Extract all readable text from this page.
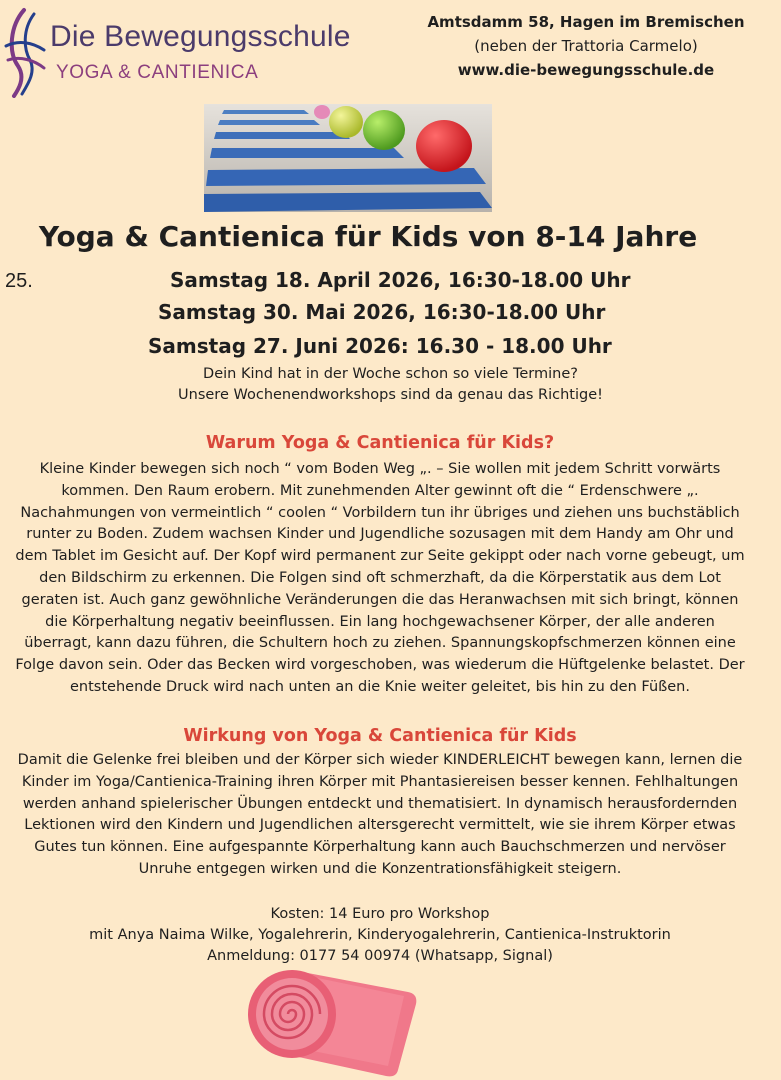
Die Bewegungsschule
YOGA & CANTIENICA
Amtsdamm 58, Hagen im Bremischen
(neben der Trattoria Carmelo)
www.die-bewegungsschule.de
Yoga & Cantienica für Kids von 8-14 Jahre
25.	Samstag 18. April 2026, 16:30-18.00 Uhr
Samstag 30. Mai 2026, 16:30-18.00 Uhr
Samstag 27. Juni 2026: 16.30 - 18.00 Uhr
Dein Kind hat in der Woche schon so viele Termine?
Unsere Wochenendworkshops sind da genau das Richtige!
Warum Yoga & Cantienica für Kids?
Kleine Kinder bewegen sich noch “ vom Boden Weg „. – Sie wollen mit jedem Schritt vorwärts
kommen. Den Raum erobern. Mit zunehmenden Alter gewinnt oft die “ Erdenschwere „.
Nachahmungen von vermeintlich “ coolen “ Vorbildern tun ihr übriges und ziehen uns buchstäblich
runter zu Boden. Zudem wachsen Kinder und Jugendliche sozusagen mit dem Handy am Ohr und
dem Tablet im Gesicht auf. Der Kopf wird permanent zur Seite gekippt oder nach vorne gebeugt, um
den Bildschirm zu erkennen. Die Folgen sind oft schmerzhaft, da die Körperstatik aus dem Lot
geraten ist. Auch ganz gewöhnliche Veränderungen die das Heranwachsen mit sich bringt, können
die Körperhaltung negativ beeinflussen. Ein lang hochgewachsener Körper, der alle anderen
überragt, kann dazu führen, die Schultern hoch zu ziehen. Spannungskopfschmerzen können eine
Folge davon sein. Oder das Becken wird vorgeschoben, was wiederum die Hüftgelenke belastet. Der
entstehende Druck wird nach unten an die Knie weiter geleitet, bis hin zu den Füßen.
Wirkung von Yoga & Cantienica für Kids
Damit die Gelenke frei bleiben und der Körper sich wieder KINDERLEICHT bewegen kann, lernen die
Kinder im Yoga/Cantienica-Training ihren Körper mit Phantasiereisen besser kennen. Fehlhaltungen
werden anhand spielerischer Übungen entdeckt und thematisiert. In dynamisch herausfordernden
Lektionen wird den Kindern und Jugendlichen altersgerecht vermittelt, wie sie ihrem Körper etwas
Gutes tun können. Eine aufgespannte Körperhaltung kann auch Bauchschmerzen und nervöser
Unruhe entgegen wirken und die Konzentrationsfähigkeit steigern.
Kosten: 14 Euro pro Workshop
mit Anya Naima Wilke, Yogalehrerin, Kinderyogalehrerin, Cantienica-Instruktorin
Anmeldung: 0177 54 00974 (Whatsapp, Signal)
